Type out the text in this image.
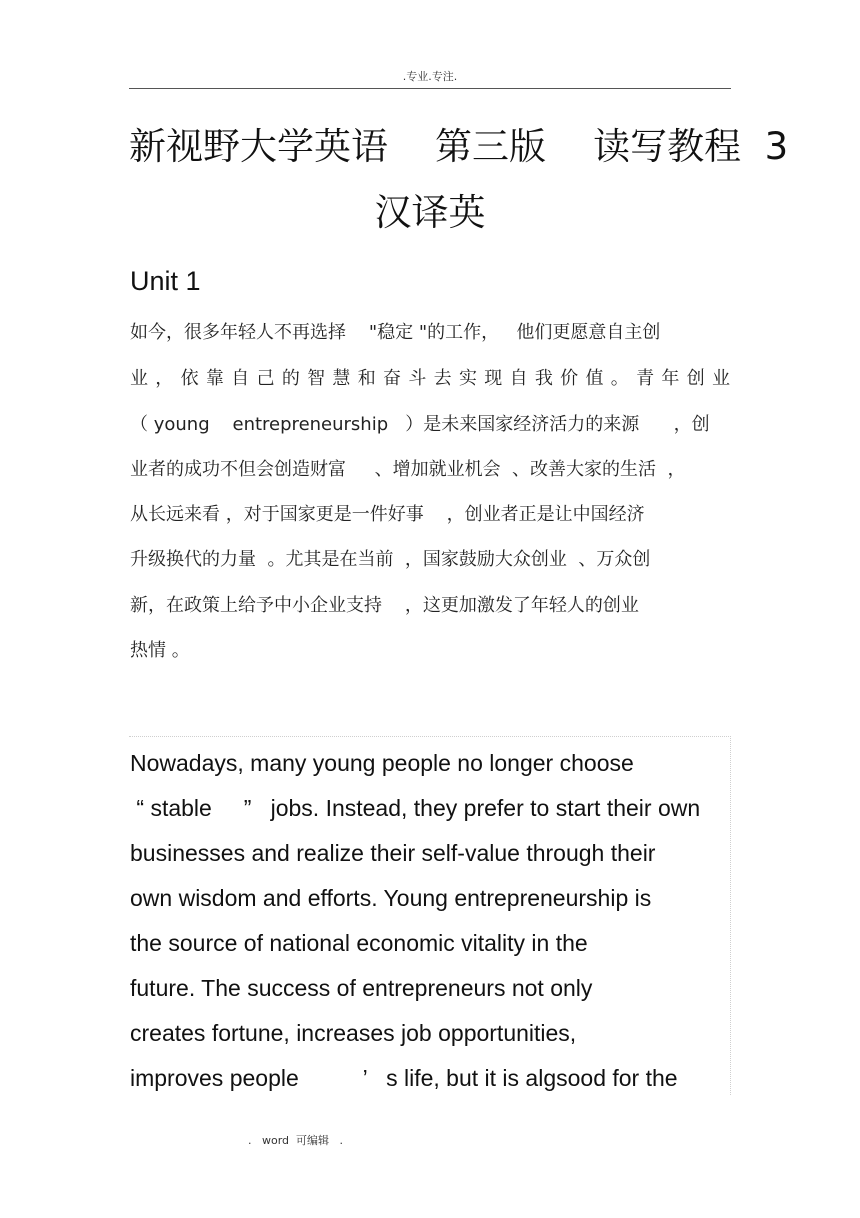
.专业.专注.
新视野大学英语    第三版    读写教程  3
汉译英
Unit 1
如今，很多年轻人不再选择    "稳定 "的工作，   他们更愿意自主创
业，依靠自己的智慧和奋斗去实现自我价值。青年创业
（ young    entrepreneurship   ）是未来国家经济活力的来源      ，创
业者的成功不但会创造财富     、增加就业机会  、改善大家的生活  ，
从长远来看 ，对于国家更是一件好事    ，创业者正是让中国经济
升级换代的力量  。尤其是在当前  ，国家鼓励大众创业  、万众创
新，在政策上给予中小企业支持    ，这更加激发了年轻人的创业
热情 。
Nowadays, many young people no longer choose
“ stable     ”   jobs. Instead, they prefer to start their own
businesses and realize their self-value through their
own wisdom and efforts. Young entrepreneurship is
the source of national economic vitality in the
future. The success of entrepreneurs not only
creates fortune, increases job opportunities,
improves people          ’   s life, but it is algsood for the
.   word  可编辑   .
